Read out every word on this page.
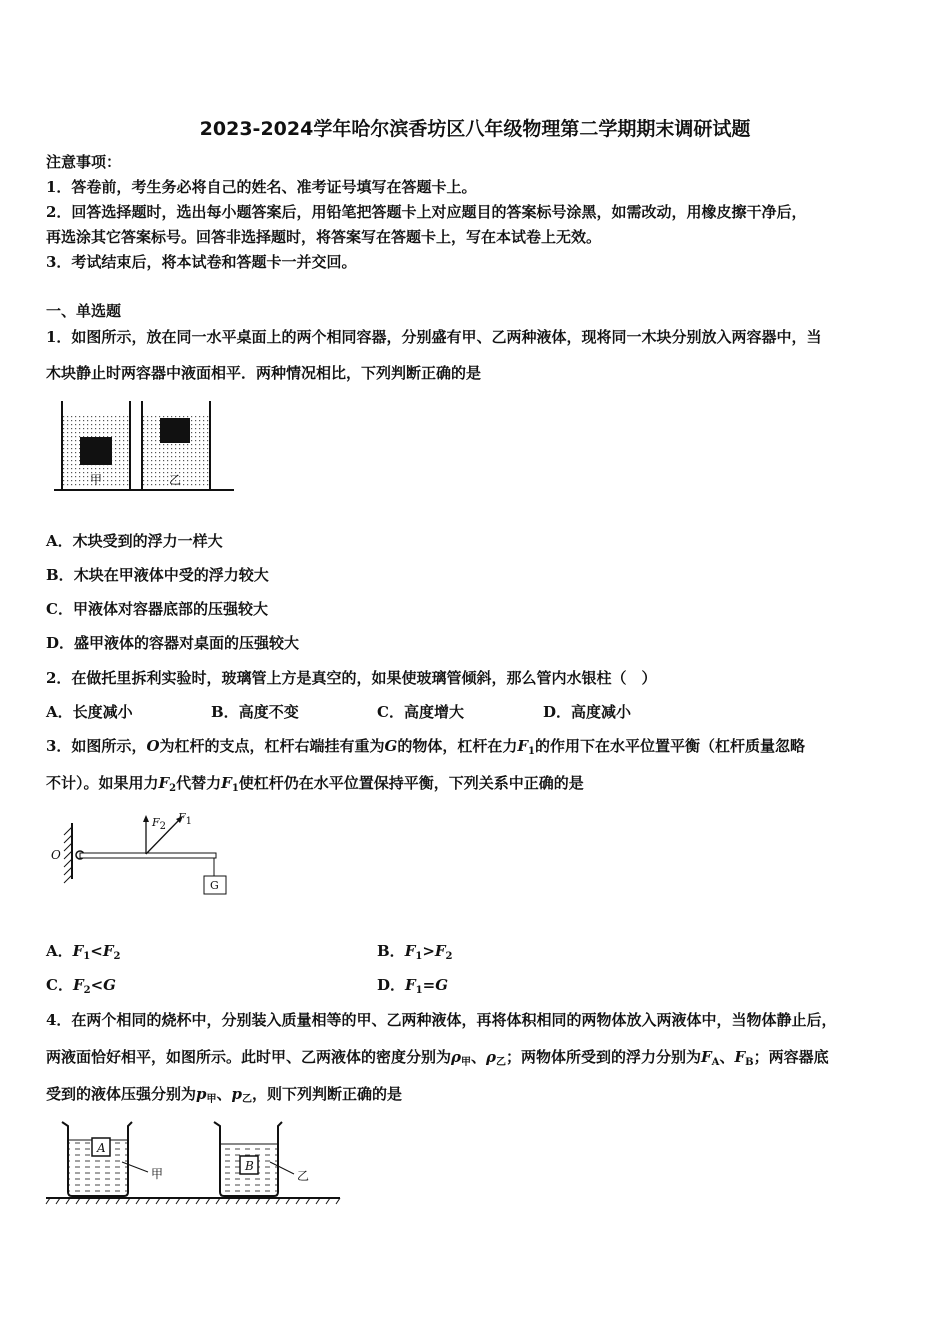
2023-2024学年哈尔滨香坊区八年级物理第二学期期末调研试题
注意事项：
1．答卷前，考生务必将自己的姓名、准考证号填写在答题卡上。
2．回答选择题时，选出每小题答案后，用铅笔把答题卡上对应题目的答案标号涂黑，如需改动，用橡皮擦干净后，
再选涂其它答案标号。回答非选择题时，将答案写在答题卡上，写在本试卷上无效。
3．考试结束后，将本试卷和答题卡一并交回。
一、单选题
1．如图所示，放在同一水平桌面上的两个相同容器，分别盛有甲、乙两种液体，现将同一木块分别放入两容器中，当
木块静止时两容器中液面相平．两种情况相比，下列判断正确的是
甲	乙
A．木块受到的浮力一样大
B．木块在甲液体中受的浮力较大
C．甲液体对容器底部的压强较大
D．盛甲液体的容器对桌面的压强较大
2．在做托里拆利实验时，玻璃管上方是真空的，如果使玻璃管倾斜，那么管内水银柱（　）
A．长度减小	B．高度不变	C．高度增大	D．高度减小
3．如图所示，O为杠杆的支点，杠杆右端挂有重为G的物体，杠杆在力$F_1$的作用下在水平位置平衡（杠杆质量忽略
不计）。如果用力$F_2$代替力$F_1$使杠杆仍在水平位置保持平衡，下列关系中正确的是
O
$F_2$
$F_1$
G
A．$F_1<F_2$	B．$F_1>F_2$
C．$F_2<G$	D．$F_1=G$
4．在两个相同的烧杯中，分别装入质量相等的甲、乙两种液体，再将体积相同的两物体放入两液体中，当物体静止后，
两液面恰好相平，如图所示。此时甲、乙两液体的密度分别为$\rho_甲$、$\rho_乙$；两物体所受到的浮力分别为$F_A$、$F_B$；两容器底
受到的液体压强分别为$p_甲$、$p_乙$，则下列判断正确的是
A
B
甲	乙
